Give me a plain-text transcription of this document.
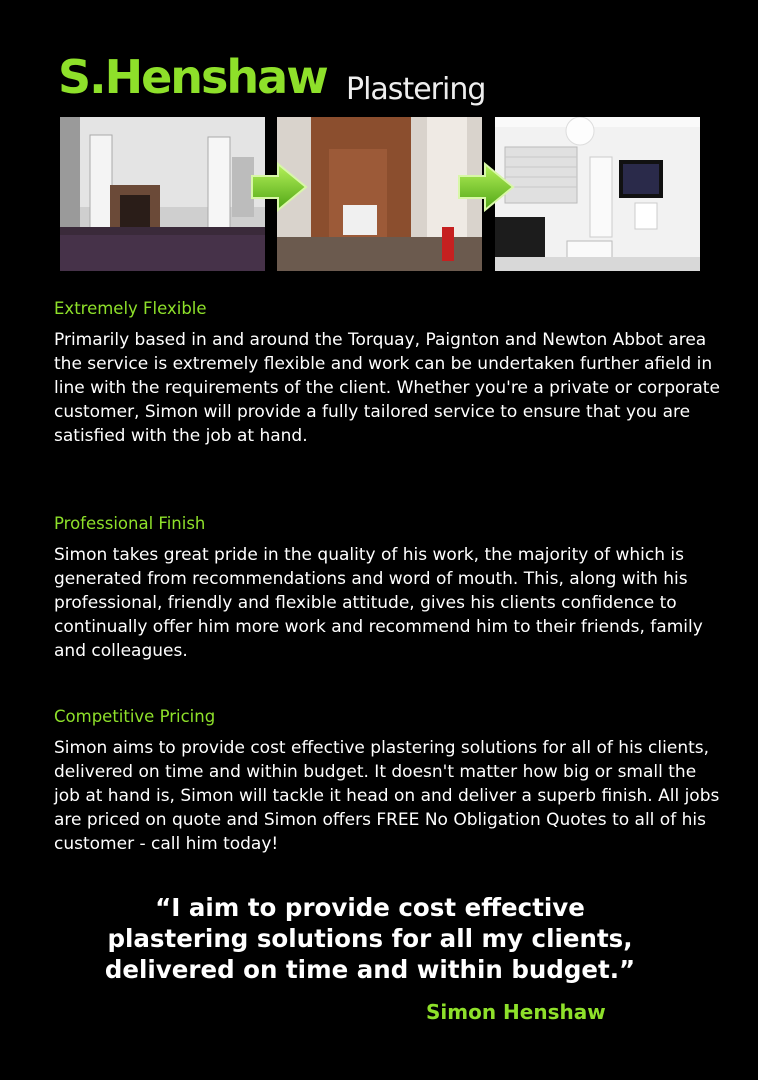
S.Henshaw Plastering

Extremely Flexible

Primarily based in and around the Torquay, Paignton and Newton Abbot area the service is extremely flexible and work can be undertaken further afield in line with the requirements of the client. Whether you're a private or corporate customer, Simon will provide a fully tailored service to ensure that you are satisfied with the job at hand.

Professional Finish

Simon takes great pride in the quality of his work, the majority of which is generated from recommendations and word of mouth. This, along with his professional, friendly and flexible attitude, gives his clients confidence to continually offer him more work and recommend him to their friends, family and colleagues.

Competitive Pricing

Simon aims to provide cost effective plastering solutions for all of his clients, delivered on time and within budget. It doesn't matter how big or small the job at hand is, Simon will tackle it head on and deliver a superb finish. All jobs are priced on quote and Simon offers FREE No Obligation Quotes to all of his customer - call him today!

“I aim to provide cost effective plastering solutions for all my clients, delivered on time and within budget.”
Simon Henshaw
